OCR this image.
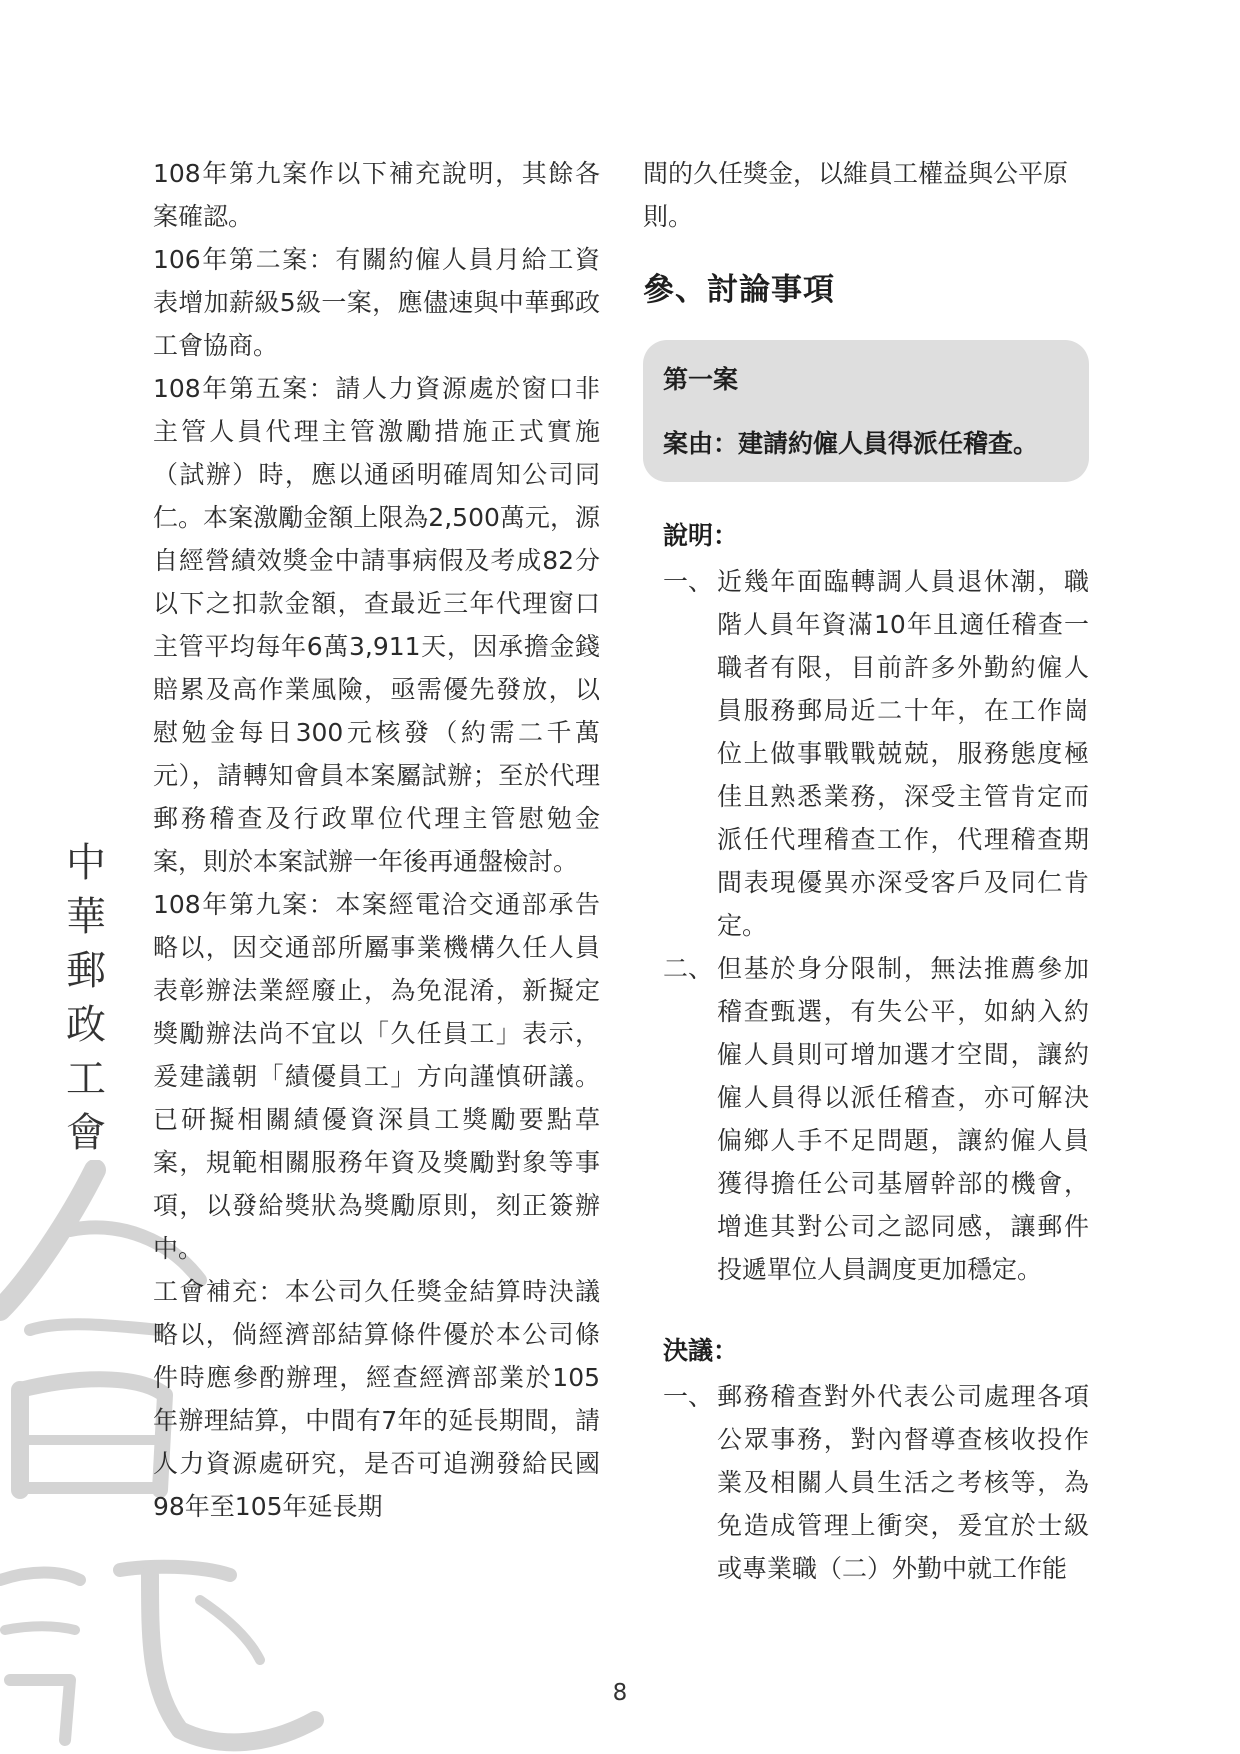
中華郵政工會

108年第九案作以下補充說明，其餘各案確認。

106年第二案：有關約僱人員月給工資表增加薪級5級一案，應儘速與中華郵政工會協商。

108年第五案：請人力資源處於窗口非主管人員代理主管激勵措施正式實施（試辦）時，應以通函明確周知公司同仁。本案激勵金額上限為2,500萬元，源自經營績效獎金中請事病假及考成82分以下之扣款金額，查最近三年代理窗口主管平均每年6萬3,911天，因承擔金錢賠累及高作業風險，亟需優先發放，以慰勉金每日300元核發（約需二千萬元），請轉知會員本案屬試辦；至於代理郵務稽查及行政單位代理主管慰勉金案，則於本案試辦一年後再通盤檢討。

108年第九案：本案經電洽交通部承告略以，因交通部所屬事業機構久任人員表彰辦法業經廢止，為免混淆，新擬定獎勵辦法尚不宜以「久任員工」表示，爰建議朝「績優員工」方向謹慎研議。已研擬相關績優資深員工獎勵要點草案，規範相關服務年資及獎勵對象等事項，以發給獎狀為獎勵原則，刻正簽辦中。

工會補充：本公司久任獎金結算時決議略以，倘經濟部結算條件優於本公司條件時應參酌辦理，經查經濟部業於105年辦理結算，中間有7年的延長期間，請人力資源處研究，是否可追溯發給民國98年至105年延長期

間的久任獎金，以維員工權益與公平原則。

參、討論事項
第一案
案由：建請約僱人員得派任稽查。
說明：
一、 近幾年面臨轉調人員退休潮，職階人員年資滿10年且適任稽查一職者有限，目前許多外勤約僱人員服務郵局近二十年，在工作崗位上做事戰戰兢兢，服務態度極佳且熟悉業務，深受主管肯定而派任代理稽查工作，代理稽查期間表現優異亦深受客戶及同仁肯定。
二、 但基於身分限制，無法推薦參加稽查甄選，有失公平，如納入約僱人員則可增加選才空間，讓約僱人員得以派任稽查，亦可解決偏鄉人手不足問題，讓約僱人員獲得擔任公司基層幹部的機會，增進其對公司之認同感，讓郵件投遞單位人員調度更加穩定。
決議：
一、 郵務稽查對外代表公司處理各項公眾事務，對內督導查核收投作業及相關人員生活之考核等，為免造成管理上衝突，爰宜於士級或專業職（二）外勤中就工作能
8
